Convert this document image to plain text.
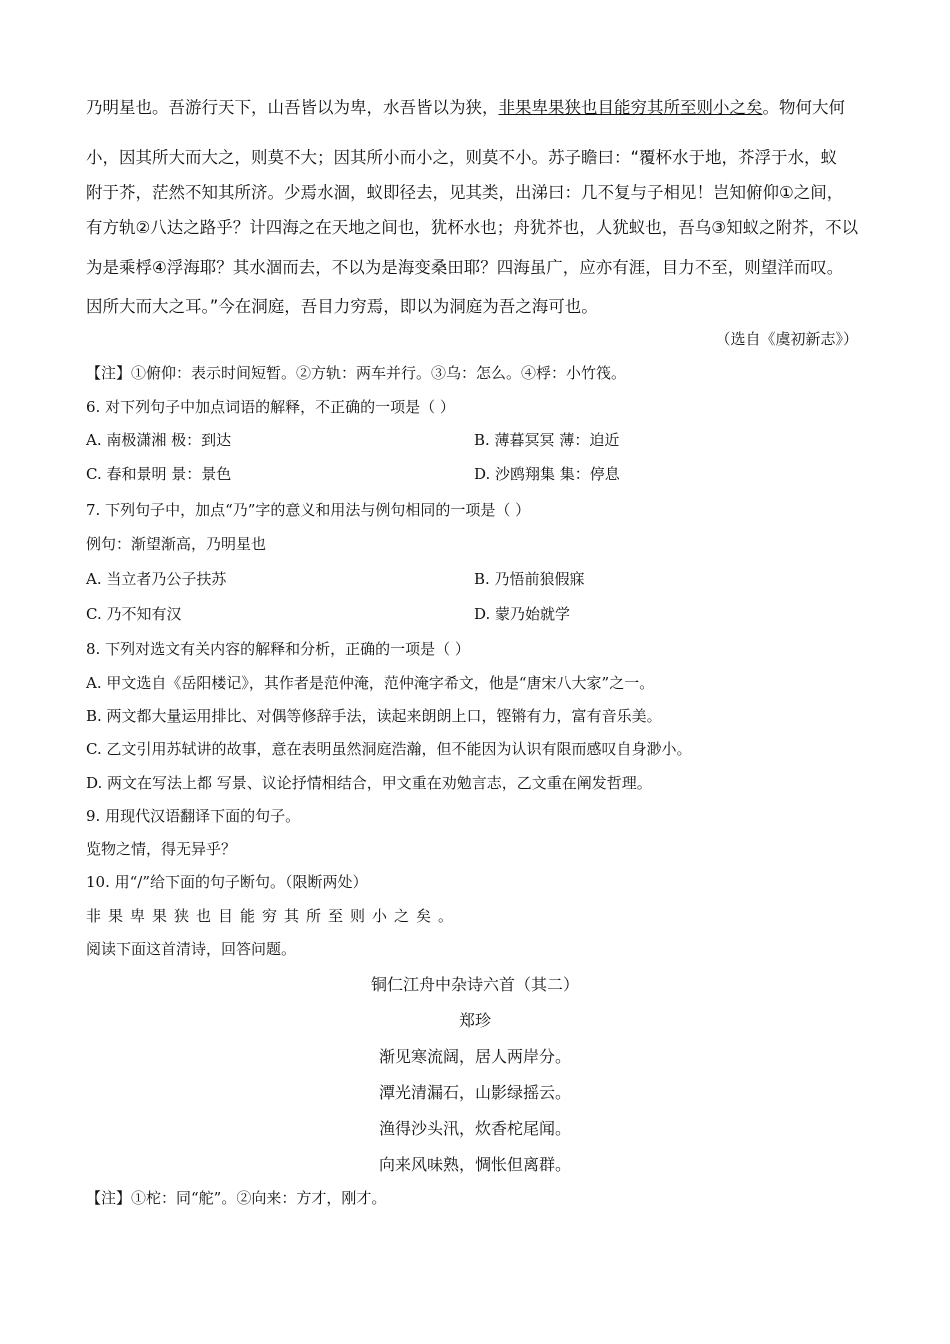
乃明星也。吾游行天下，山吾皆以为卑，水吾皆以为狭，非果卑果狭也目能穷其所至则小之矣。物何大何
小，因其所大而大之，则莫不大；因其所小而小之，则莫不小。苏子瞻曰：“覆杯水于地，芥浮于水，蚁
附于芥，茫然不知其所济。少焉水涸，蚁即径去，见其类，出涕曰：几不复与子相见！岂知俯仰①之间，
有方轨②八达之路乎？计四海之在天地之间也，犹杯水也；舟犹芥也，人犹蚁也，吾乌③知蚁之附芥，不以
为是乘桴④浮海耶？其水涸而去，不以为是海变桑田耶？四海虽广，应亦有涯，目力不至，则望洋而叹。
因所大而大之耳。”今在洞庭，吾目力穷焉，即以为洞庭为吾之海可也。
（选自《虞初新志》）
【注】①俯仰：表示时间短暂。②方轨：两车并行。③乌：怎么。④桴：小竹筏。
6. 对下列句子中加点词语的解释，不正确的一项是（ ）
A. 南极潇湘 极：到达	B. 薄暮冥冥 薄：迫近
C. 春和景明 景：景色	D. 沙鸥翔集 集：停息
7. 下列句子中，加点“乃”字的意义和用法与例句相同的一项是（ ）
例句：渐望渐高，乃明星也
A. 当立者乃公子扶苏	B. 乃悟前狼假寐
C. 乃不知有汉	D. 蒙乃始就学
8. 下列对选文有关内容的解释和分析，正确的一项是（ ）
A. 甲文选自《岳阳楼记》，其作者是范仲淹，范仲淹字希文，他是“唐宋八大家”之一。
B. 两文都大量运用排比、对偶等修辞手法，读起来朗朗上口，铿锵有力，富有音乐美。
C. 乙文引用苏轼讲的故事，意在表明虽然洞庭浩瀚，但不能因为认识有限而感叹自身渺小。
D. 两文在写法上都 写景、议论抒情相结合，甲文重在劝勉言志，乙文重在阐发哲理。
9. 用现代汉语翻译下面的句子。
览物之情，得无异乎？
10. 用“/”给下面的句子断句。（限断两处）
非果卑果狭也目能穷其所至则小之矣。
阅读下面这首清诗，回答问题。
铜仁江舟中杂诗六首（其二）
郑珍
渐见寒流阔，居人两岸分。
潭光清漏石，山影绿摇云。
渔得沙头汛，炊香柁尾闻。
向来风味熟，惆怅但离群。
【注】①柁：同“舵”。②向来：方才，刚才。
